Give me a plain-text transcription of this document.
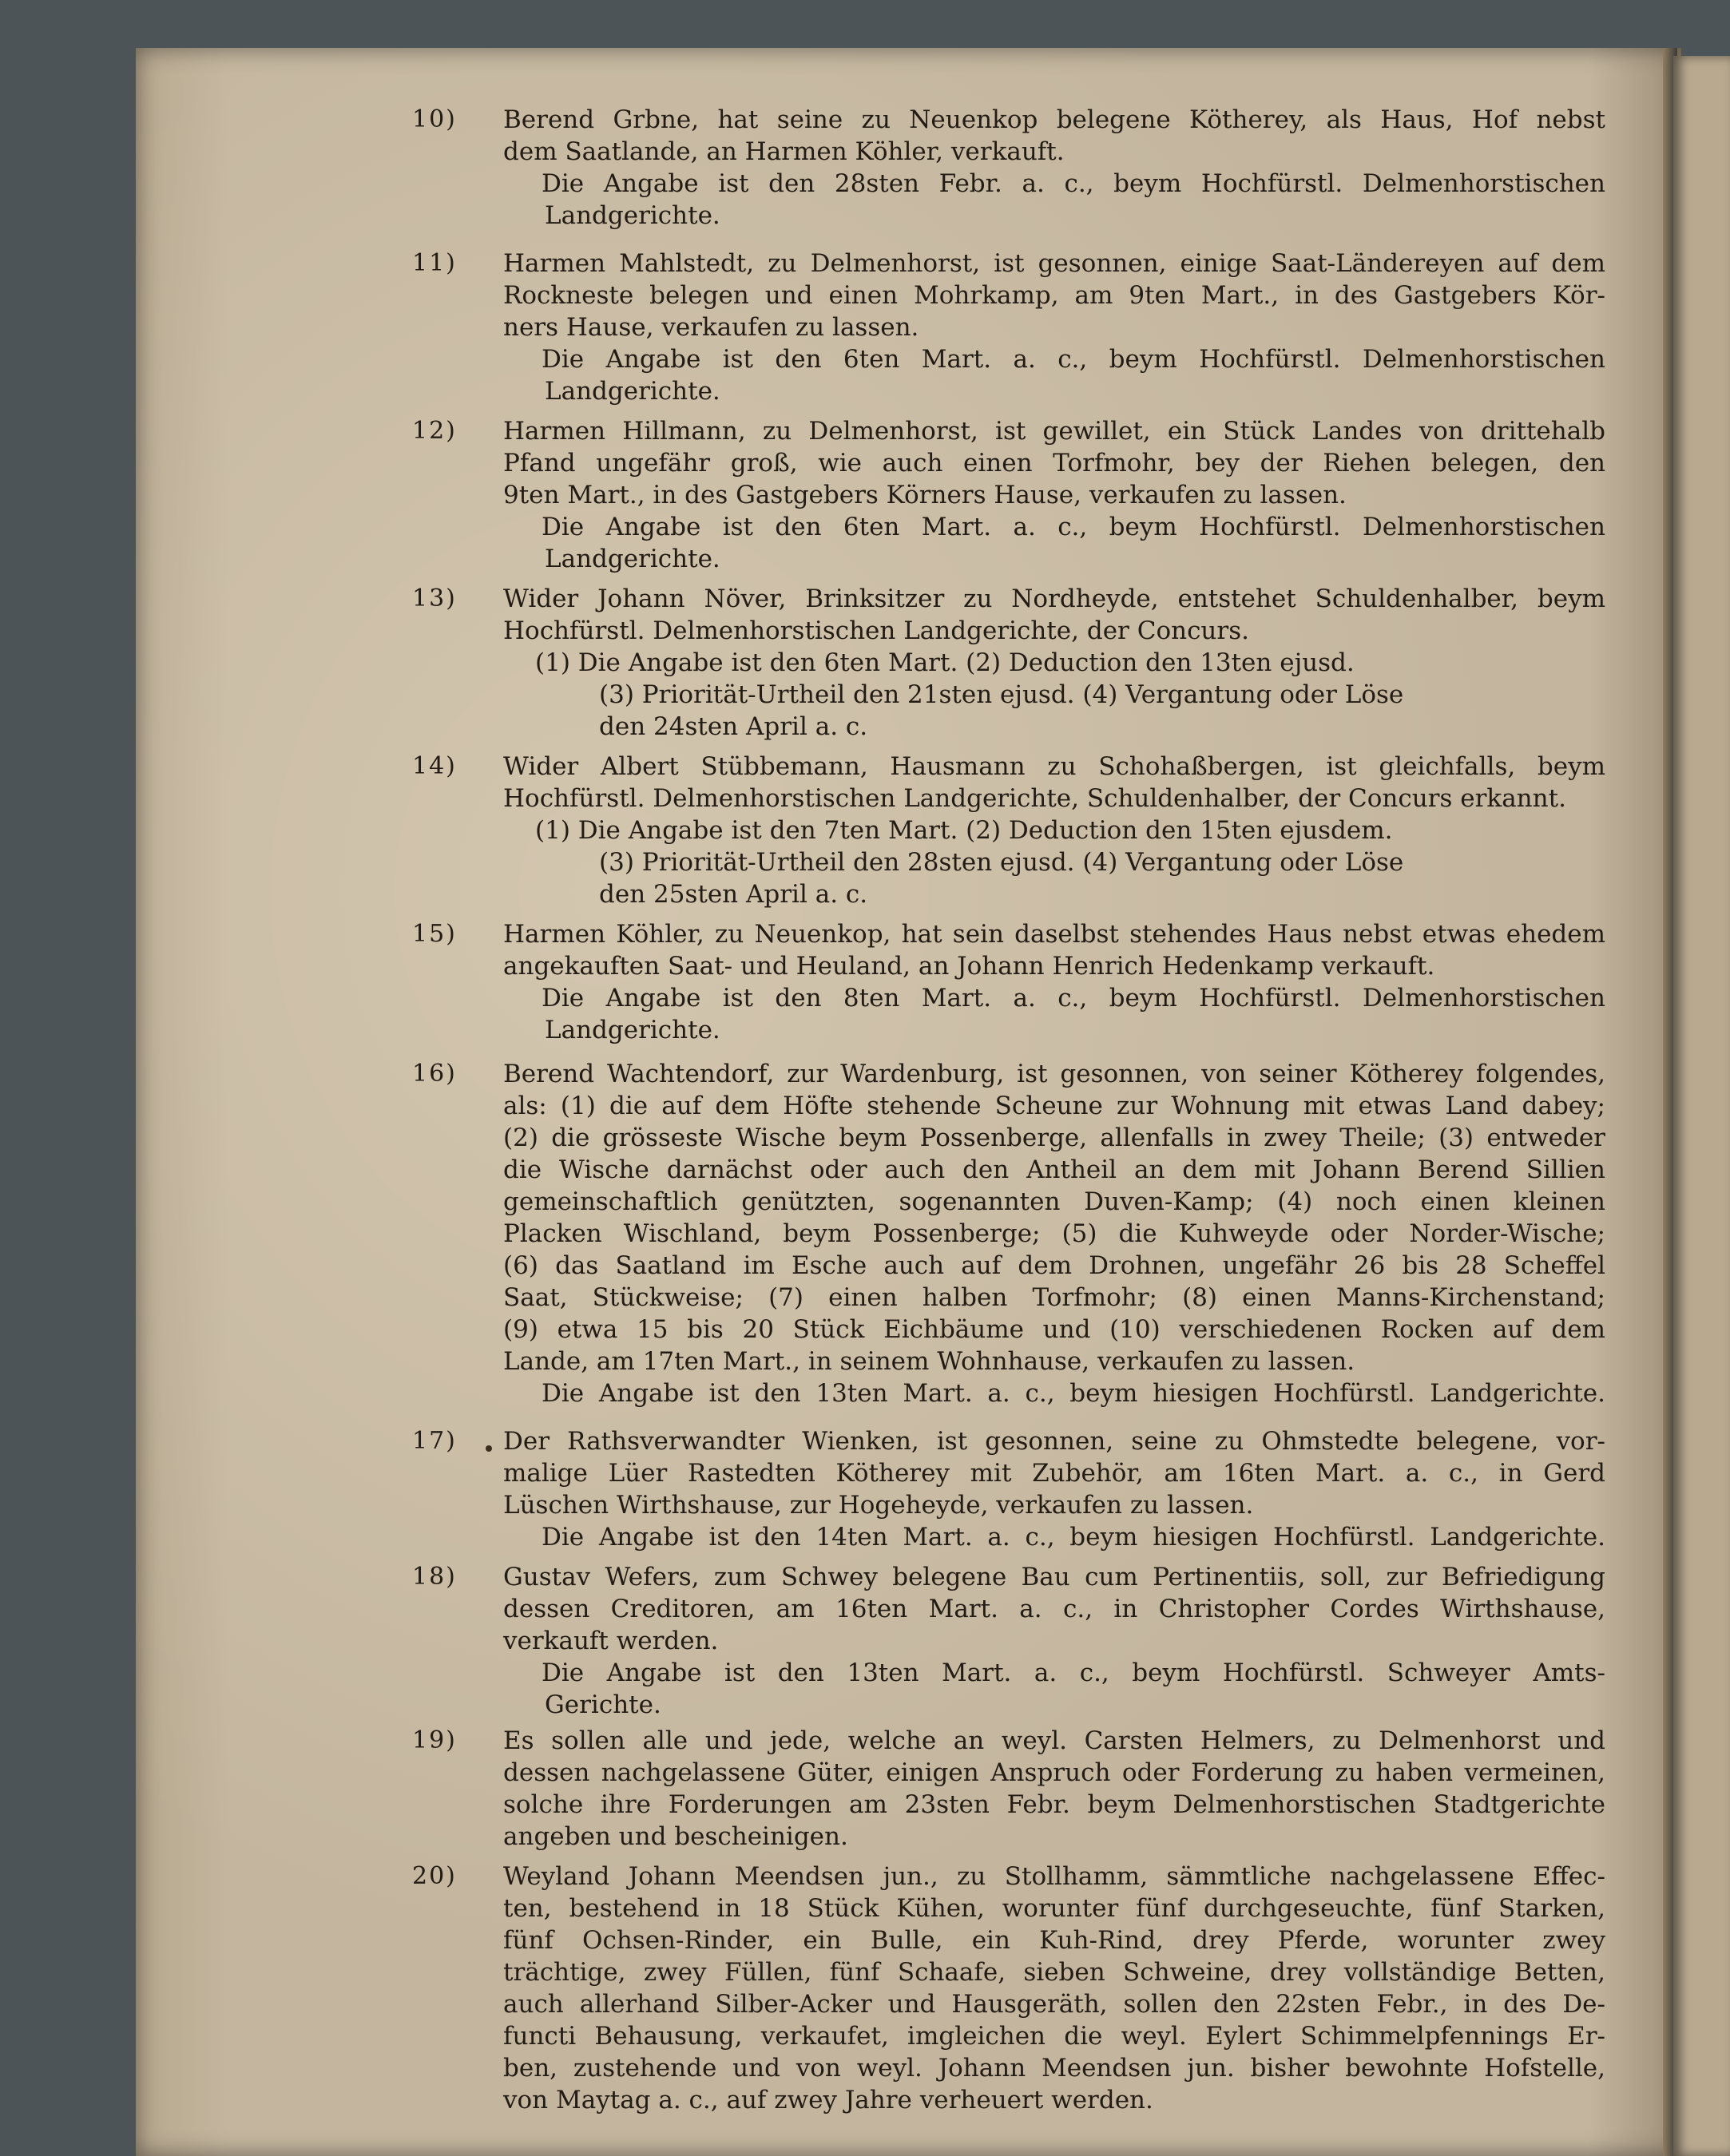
10)	Berend Grbne, hat seine zu Neuenkop belegene Kötherey, als Haus, Hof nebst
dem Saatlande, an Harmen Köhler, verkauft.
Die Angabe ist den 28sten Febr. a. c., beym Hochfürstl. Delmenhorstischen
Landgerichte.
11)	Harmen Mahlstedt, zu Delmenhorst, ist gesonnen, einige Saat-Ländereyen auf dem
Rockneste belegen und einen Mohrkamp, am 9ten Mart., in des Gastgebers Kör-
ners Hause, verkaufen zu lassen.
Die Angabe ist den 6ten Mart. a. c., beym Hochfürstl. Delmenhorstischen
Landgerichte.
12)	Harmen Hillmann, zu Delmenhorst, ist gewillet, ein Stück Landes von drittehalb
Pfand ungefähr groß, wie auch einen Torfmohr, bey der Riehen belegen, den
9ten Mart., in des Gastgebers Körners Hause, verkaufen zu lassen.
Die Angabe ist den 6ten Mart. a. c., beym Hochfürstl. Delmenhorstischen
Landgerichte.
13)	Wider Johann Növer, Brinksitzer zu Nordheyde, entstehet Schuldenhalber, beym
Hochfürstl. Delmenhorstischen Landgerichte, der Concurs.
(1) Die Angabe ist den 6ten Mart. (2) Deduction den 13ten ejusd.
(3) Priorität-Urtheil den 21sten ejusd. (4) Vergantung oder Löse
den 24sten April a. c.
14)	Wider Albert Stübbemann, Hausmann zu Schohaßbergen, ist gleichfalls, beym
Hochfürstl. Delmenhorstischen Landgerichte, Schuldenhalber, der Concurs erkannt.
(1) Die Angabe ist den 7ten Mart. (2) Deduction den 15ten ejusdem.
(3) Priorität-Urtheil den 28sten ejusd. (4) Vergantung oder Löse
den 25sten April a. c.
15)	Harmen Köhler, zu Neuenkop, hat sein daselbst stehendes Haus nebst etwas ehedem
angekauften Saat- und Heuland, an Johann Henrich Hedenkamp verkauft.
Die Angabe ist den 8ten Mart. a. c., beym Hochfürstl. Delmenhorstischen
Landgerichte.
16)	Berend Wachtendorf, zur Wardenburg, ist gesonnen, von seiner Kötherey folgendes,
als: (1) die auf dem Höfte stehende Scheune zur Wohnung mit etwas Land dabey;
(2) die grösseste Wische beym Possenberge, allenfalls in zwey Theile; (3) entweder
die Wische darnächst oder auch den Antheil an dem mit Johann Berend Sillien
gemeinschaftlich genützten, sogenannten Duven-Kamp; (4) noch einen kleinen
Placken Wischland, beym Possenberge; (5) die Kuhweyde oder Norder-Wische;
(6) das Saatland im Esche auch auf dem Drohnen, ungefähr 26 bis 28 Scheffel
Saat, Stückweise; (7) einen halben Torfmohr; (8) einen Manns-Kirchenstand;
(9) etwa 15 bis 20 Stück Eichbäume und (10) verschiedenen Rocken auf dem
Lande, am 17ten Mart., in seinem Wohnhause, verkaufen zu lassen.
Die Angabe ist den 13ten Mart. a. c., beym hiesigen Hochfürstl. Landgerichte.
17)	Der Rathsverwandter Wienken, ist gesonnen, seine zu Ohmstedte belegene, vor-
malige Lüer Rastedten Kötherey mit Zubehör, am 16ten Mart. a. c., in Gerd
Lüschen Wirthshause, zur Hogeheyde, verkaufen zu lassen.
Die Angabe ist den 14ten Mart. a. c., beym hiesigen Hochfürstl. Landgerichte.
18)	Gustav Wefers, zum Schwey belegene Bau cum Pertinentiis, soll, zur Befriedigung
dessen Creditoren, am 16ten Mart. a. c., in Christopher Cordes Wirthshause,
verkauft werden.
Die Angabe ist den 13ten Mart. a. c., beym Hochfürstl. Schweyer Amts-
Gerichte.
19)	Es sollen alle und jede, welche an weyl. Carsten Helmers, zu Delmenhorst und
dessen nachgelassene Güter, einigen Anspruch oder Forderung zu haben vermeinen,
solche ihre Forderungen am 23sten Febr. beym Delmenhorstischen Stadtgerichte
angeben und bescheinigen.
20)	Weyland Johann Meendsen jun., zu Stollhamm, sämmtliche nachgelassene Effec-
ten, bestehend in 18 Stück Kühen, worunter fünf durchgeseuchte, fünf Starken,
fünf Ochsen-Rinder, ein Bulle, ein Kuh-Rind, drey Pferde, worunter zwey
trächtige, zwey Füllen, fünf Schaafe, sieben Schweine, drey vollständige Betten,
auch allerhand Silber-Acker und Hausgeräth, sollen den 22sten Febr., in des De-
functi Behausung, verkaufet, imgleichen die weyl. Eylert Schimmelpfennings Er-
ben, zustehende und von weyl. Johann Meendsen jun. bisher bewohnte Hofstelle,
von Maytag a. c., auf zwey Jahre verheuert werden.
